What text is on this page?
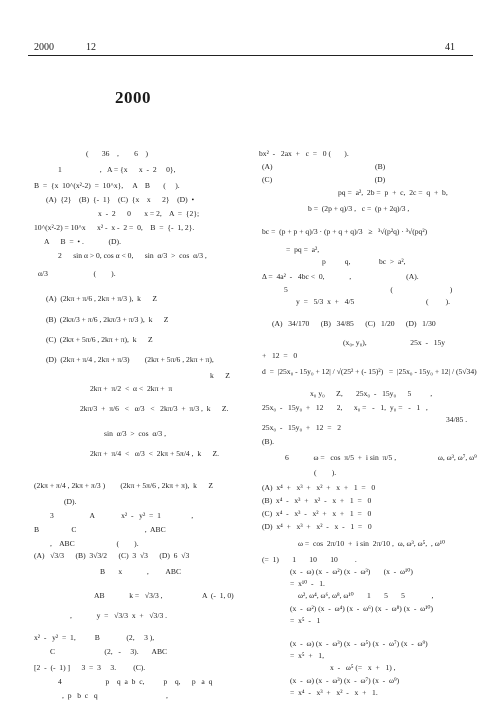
2000	12	41
2000
(       36    ,        6    )
1                    ,   A = {x      x  -  2     0},
B  =  {x  10^(x²-2)  =  10^x},     A    B       (     ).
(A)  {2}    (B)  {-  1}    (C)  {x    x      2}    (D)  •
x  -  2      0       x = 2,    A  =  {2};
10^(x²-2) = 10^x      x² -  x -  2 =  0,    B  =  {-  1, 2}.
A      B  =  • .             (D).
2      sin α > 0, cos α < 0,      sin  α/3  >  cos  α/3 ,
α/3                        (        ).
(A)  (2kπ + π/6 , 2kπ + π/3 ),  k      Z
(B)  (2kπ/3 + π/6 , 2kπ/3 + π/3 ),  k      Z
(C)  (2kπ + 5π/6 , 2kπ + π),  k      Z
(D)  (2kπ + π/4 , 2kπ + π/3)        (2kπ + 5π/6 , 2kπ + π),
k      Z
2kπ +  π/2  <  α <  2kπ +  π
2kπ/3  +  π/6   <   α/3   <   2kπ/3  +  π/3 ,  k      Z.
sin  α/3  >  cos  α/3 ,
2kπ +  π/4  <   α/3  <  2kπ + 5π/4 ,  k      Z.
(2kπ + π/4 , 2kπ + π/3 )        (2kπ + 5π/6 , 2kπ + π),  k      Z
(D).
3                   A              x²  -   y²  =  1                ,
B                 C                                    ,  ABC
,    ABC                      (        ).
(A)   √3/3      (B)  3√3/2      (C)  3  √3      (D)  6  √3
B       x             ,         ABC
AB             k =   √3/3 ,                     A  (-  1, 0)
,             y  =   √3/3  x  +   √3/3 .
x²  -   y²  =  1,          B              (2,     3 ),
C                          (2,   -     3).       ABC
[2  -  (-  1) ]      3  =  3     3.         (C).
4                       p    q  a  b  c,          p    q,      p   a  q
,  p   b  c   q                                    ,
bx²  -   2ax  +   c  =   0 (       ).
(A)                                                      (B)
(C)                                                      (D)
pq =  a²,  2b =  p  +  c,  2c =  q  +  b,
b =  (2p + q)/3 ,   c =  (p + 2q)/3 ,
bc =  (p + p + q)/3 · (p + q + q)/3   ≥   ³√(p²q) · ³√(pq²)
=  pq =  a²,
p          q,               bc  >  a²,
Δ =  4a²  -   4bc <  0,             ,                             (A).
5                                                      (                              )
y  =   5/3  x  +   4/5	(         ).
(A)   34/170      (B)   34/85      (C)   1/20      (D)   1/30
(x₀, y₀),                       25x  -   15y
+   12  =   0
d  =  |25x₀ - 15y₀ + 12| / √(25² + (- 15)²)   =  |25x₀ - 15y₀ + 12| / (5√34)
x₀ y₀      Z,       25x₀  -   15y₀      5          ,
25x₀  -   15y₀  +   12       2,      x₀ =   -   1,  y₀ =   -   1   ,
34/85 .
25x₀  -   15y₀  +   12  =   2
(B).
6             ω =   cos  π/5  +  i sin  π/5 ,                      ω, ω³, ω⁷, ω⁹
(        ).
(A)  x⁴  +   x³  +   x²  +   x  +   1  =   0
(B)  x⁴  -   x³  +   x²  -   x  +   1  =   0
(C)  x⁴  -   x³  -   x²  +   x  +   1  =   0
(D)  x⁴  +   x³  +   x²  -   x  -   1  =   0
ω =  cos  2π/10  +  i sin  2π/10 ,  ω, ω³, ω⁵,  , ω¹⁰
(=  1)       1       10       10         .
(x  -  ω) (x  -  ω²) (x  -  ω³)       (x  -  ω¹⁰)
=  x¹⁰  -   1.
ω², ω⁴, ω⁶, ω⁸, ω¹⁰       1       5       5              ,
(x  -  ω²) (x  -  ω⁴) (x  -  ω⁶) (x  -  ω⁸) (x  -  ω¹⁰)
=  x⁵  -   1
(x  -  ω) (x  -  ω³) (x  -  ω⁵) (x  -  ω⁷) (x  -  ω⁹)
=  x⁵  +   1,
x  -   ω⁵ (=   x  +   1) ,
(x  -  ω) (x  -  ω³) (x  -  ω⁷) (x  -  ω⁹)
=  x⁴  -   x³  +   x²  -   x  +   1.
